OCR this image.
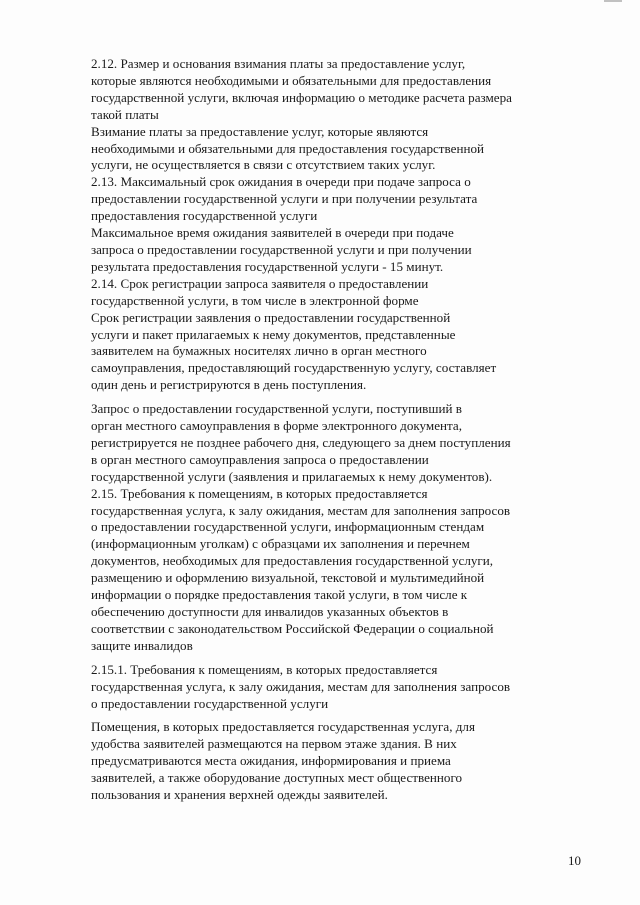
2.12. Размер и основания взимания платы за предоставление услуг,
которые являются необходимыми и обязательными для предоставления
государственной услуги, включая информацию о методике расчета размера
такой платы

Взимание платы за предоставление услуг, которые являются
необходимыми и обязательными для предоставления государственной
услуги, не осуществляется в связи с отсутствием таких услуг.

2.13. Максимальный срок ожидания в очереди при подаче запроса о
предоставлении государственной услуги и при получении результата
предоставления государственной услуги

Максимальное время ожидания заявителей в очереди при подаче
запроса о предоставлении государственной услуги и при получении
результата предоставления государственной услуги - 15 минут.

2.14. Срок регистрации запроса заявителя о предоставлении
государственной услуги, в том числе в электронной форме

Срок регистрации заявления о предоставлении государственной
услуги и пакет прилагаемых к нему документов, представленные
заявителем на бумажных носителях лично в орган местного
самоуправления, предоставляющий государственную услугу, составляет
один день и регистрируются в день поступления.

Запрос о предоставлении государственной услуги, поступивший в
орган местного самоуправления в форме электронного документа,
регистрируется не позднее рабочего дня, следующего за днем поступления
в орган местного самоуправления запроса о предоставлении
государственной услуги (заявления и прилагаемых к нему документов).

2.15. Требования к помещениям, в которых предоставляется
государственная услуга, к залу ожидания, местам для заполнения запросов
о предоставлении государственной услуги, информационным стендам
(информационным уголкам) с образцами их заполнения и перечнем
документов, необходимых для предоставления государственной услуги,
размещению и оформлению визуальной, текстовой и мультимедийной
информации о порядке предоставления такой услуги, в том числе к
обеспечению доступности для инвалидов указанных объектов в
соответствии с законодательством Российской Федерации о социальной
защите инвалидов

2.15.1. Требования к помещениям, в которых предоставляется
государственная услуга, к залу ожидания, местам для заполнения запросов
о предоставлении государственной услуги

Помещения, в которых предоставляется государственная услуга, для
удобства заявителей размещаются на первом этаже здания. В них
предусматриваются места ожидания, информирования и приема
заявителей, а также оборудование доступных мест общественного
пользования и хранения верхней одежды заявителей.

10
